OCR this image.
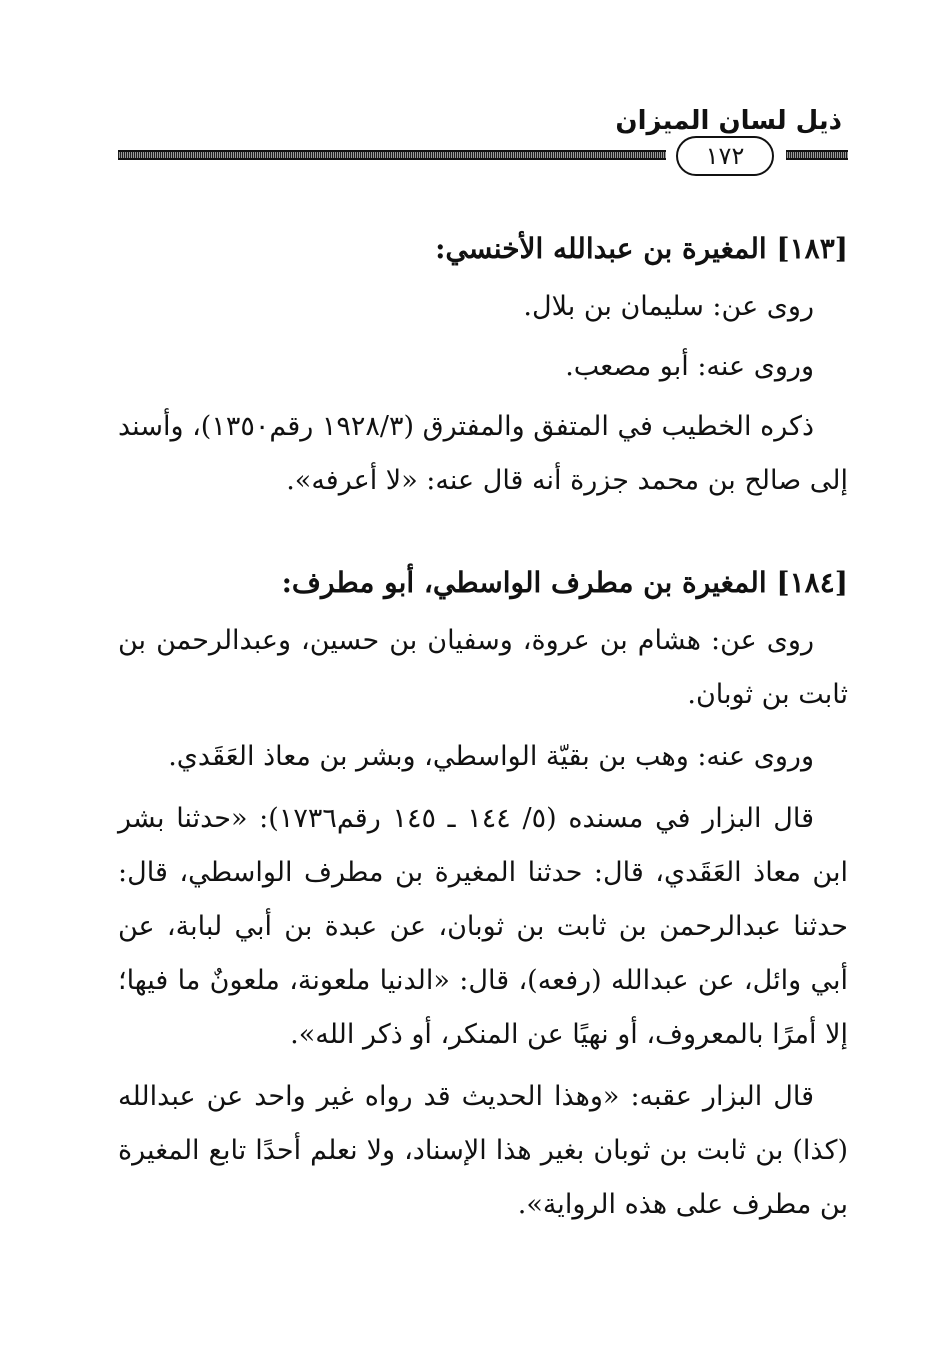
ذيل لسان الميزان
١٧٢

[١٨٣] المغيرة بن عبدالله الأخنسي:

روى عن: سليمان بن بلال.

وروى عنه: أبو مصعب.

ذكره الخطيب في المتفق والمفترق (١٩٢٨/٣ رقم١٣٥٠)، وأسند إلى صالح بن محمد جزرة أنه قال عنه: «لا أعرفه».

[١٨٤] المغيرة بن مطرف الواسطي، أبو مطرف:

روى عن: هشام بن عروة، وسفيان بن حسين، وعبدالرحمن بن ثابت بن ثوبان.

وروى عنه: وهب بن بقيّة الواسطي، وبشر بن معاذ العَقَدي.

قال البزار في مسنده (٥/ ١٤٤ ـ ١٤٥ رقم١٧٣٦): «حدثنا بشر ابن معاذ العَقَدي، قال: حدثنا المغيرة بن مطرف الواسطي، قال: حدثنا عبدالرحمن بن ثابت بن ثوبان، عن عبدة بن أبي لبابة، عن أبي وائل، عن عبدالله (رفعه)، قال: «الدنيا ملعونة، ملعونٌ ما فيها؛ إلا أمرًا بالمعروف، أو نهيًا عن المنكر، أو ذكر الله».

قال البزار عقبه: «وهذا الحديث قد رواه غير واحد عن عبدالله (كذا) بن ثابت بن ثوبان بغير هذا الإسناد، ولا نعلم أحدًا تابع المغيرة بن مطرف على هذه الرواية».
